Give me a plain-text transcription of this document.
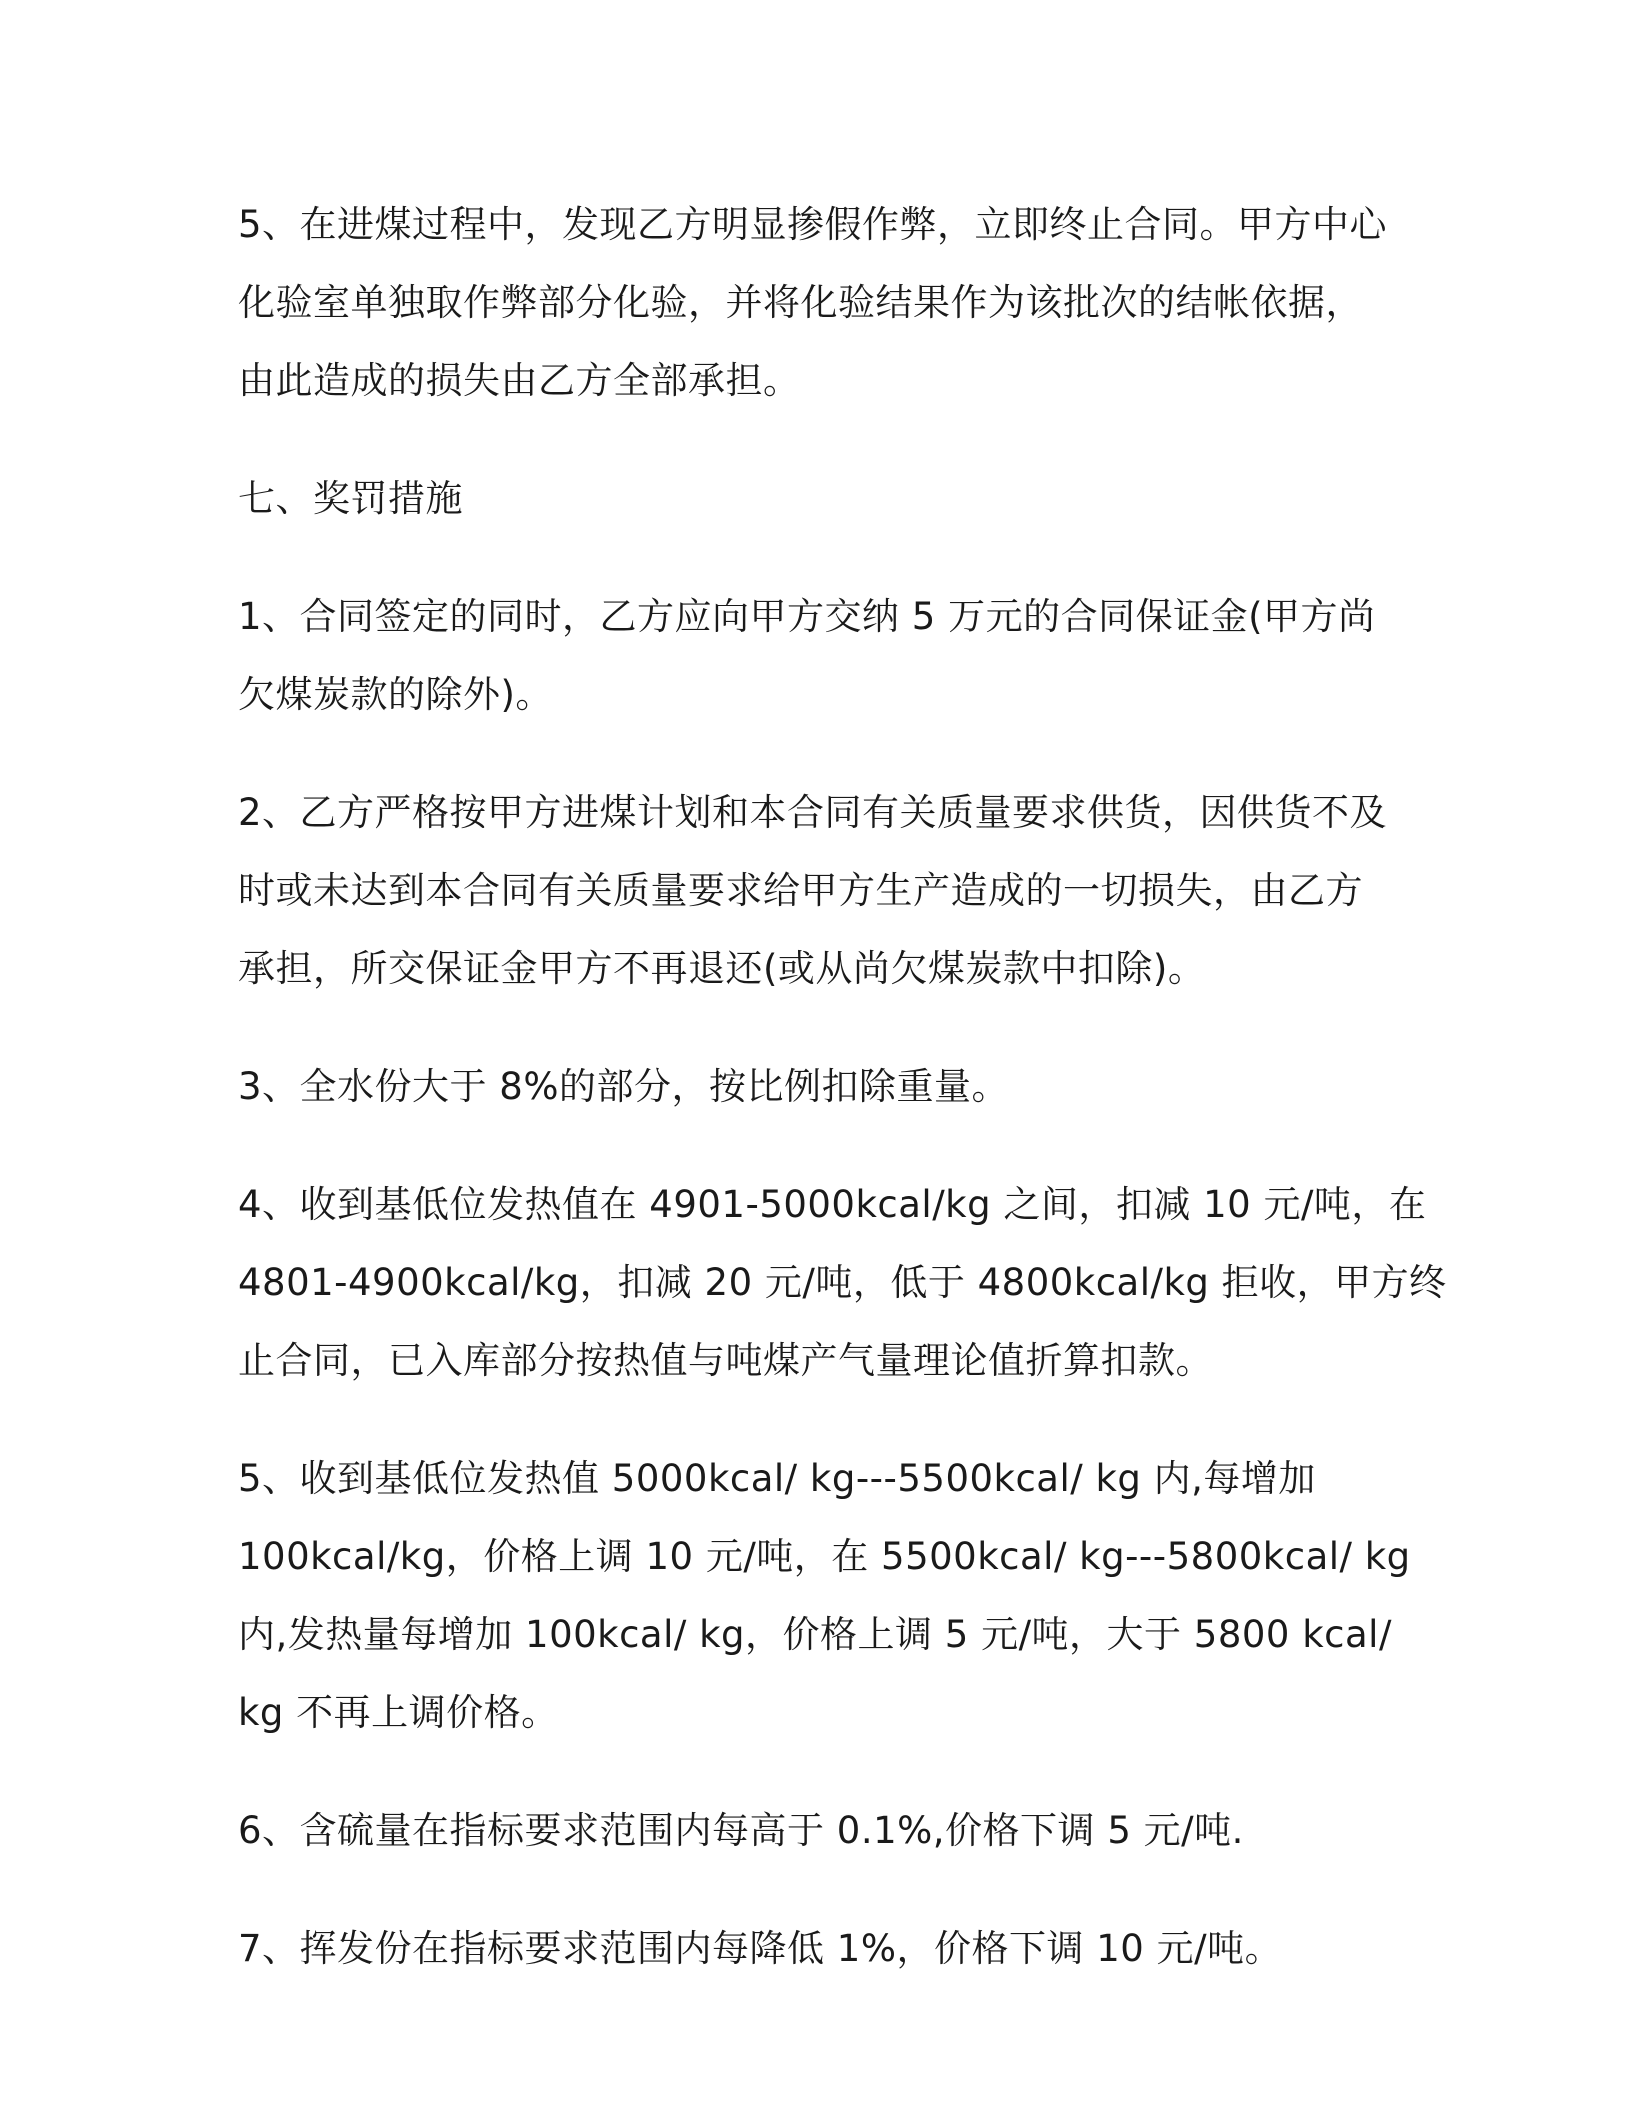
5、在进煤过程中，发现乙方明显掺假作弊，立即终止合同。甲方中心
化验室单独取作弊部分化验，并将化验结果作为该批次的结帐依据，
由此造成的损失由乙方全部承担。

七、奖罚措施

1、合同签定的同时，乙方应向甲方交纳 5 万元的合同保证金(甲方尚
欠煤炭款的除外)。

2、乙方严格按甲方进煤计划和本合同有关质量要求供货，因供货不及
时或未达到本合同有关质量要求给甲方生产造成的一切损失，由乙方
承担，所交保证金甲方不再退还(或从尚欠煤炭款中扣除)。

3、全水份大于 8%的部分，按比例扣除重量。

4、收到基低位发热值在 4901-5000kcal/kg 之间，扣减 10 元/吨，在
4801-4900kcal/kg，扣减 20 元/吨，低于 4800kcal/kg 拒收，甲方终
止合同，已入库部分按热值与吨煤产气量理论值折算扣款。

5、收到基低位发热值 5000kcal/ kg---5500kcal/ kg 内,每增加
100kcal/kg，价格上调 10 元/吨，在 5500kcal/ kg---5800kcal/ kg
内,发热量每增加 100kcal/ kg，价格上调 5 元/吨，大于 5800 kcal/
kg 不再上调价格。

6、含硫量在指标要求范围内每高于 0.1%,价格下调 5 元/吨.

7、挥发份在指标要求范围内每降低 1%，价格下调 10 元/吨。
